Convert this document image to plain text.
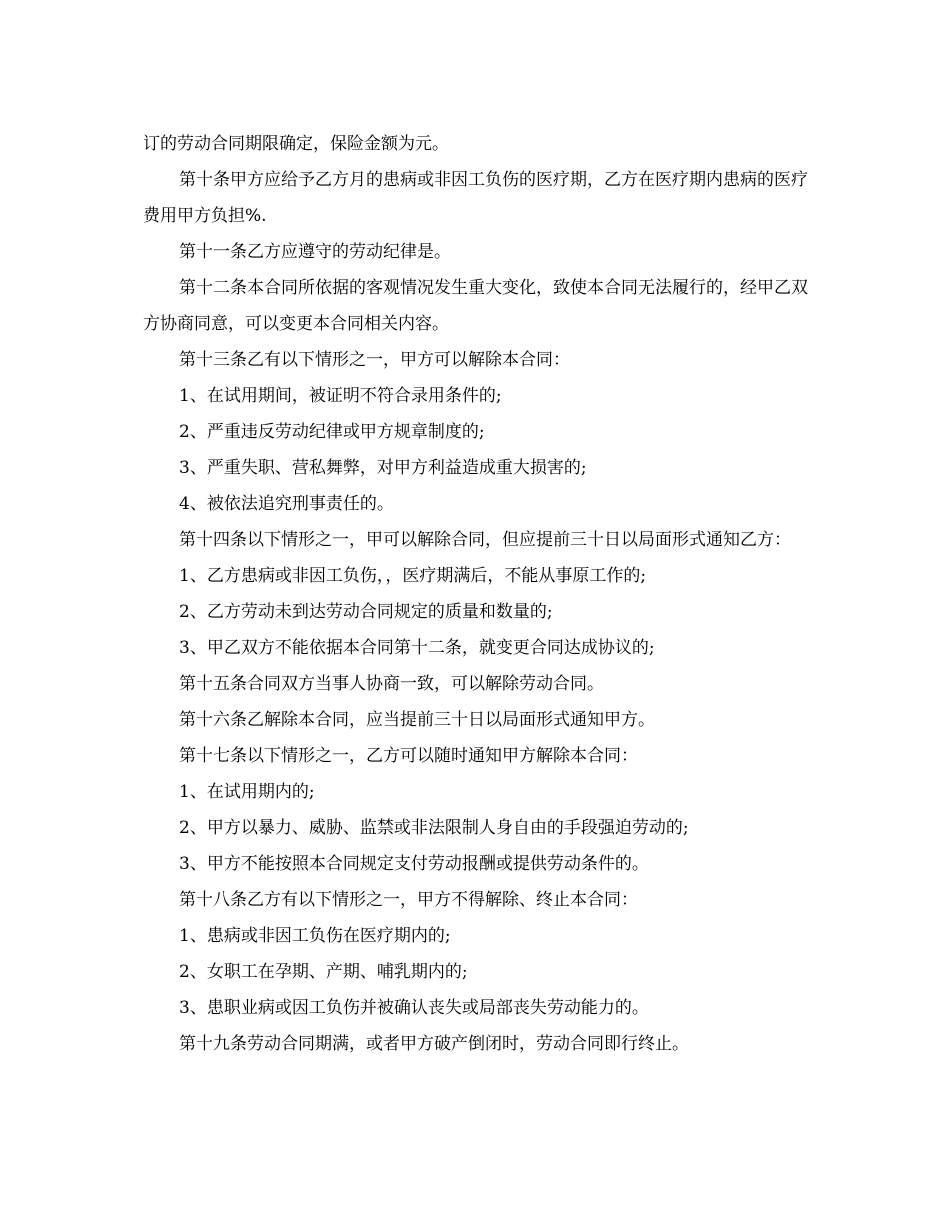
订的劳动合同期限确定，保险金额为元。

第十条甲方应给予乙方月的患病或非因工负伤的医疗期，乙方在医疗期内患病的医疗费用甲方负担%.

第十一条乙方应遵守的劳动纪律是。

第十二条本合同所依据的客观情况发生重大变化，致使本合同无法履行的，经甲乙双方协商同意，可以变更本合同相关内容。

第十三条乙有以下情形之一，甲方可以解除本合同：

1、在试用期间，被证明不符合录用条件的;

2、严重违反劳动纪律或甲方规章制度的;

3、严重失职、营私舞弊，对甲方利益造成重大损害的;

4、被依法追究刑事责任的。

第十四条以下情形之一，甲可以解除合同，但应提前三十日以局面形式通知乙方：

1、乙方患病或非因工负伤，，医疗期满后，不能从事原工作的;

2、乙方劳动未到达劳动合同规定的质量和数量的;

3、甲乙双方不能依据本合同第十二条，就变更合同达成协议的;

第十五条合同双方当事人协商一致，可以解除劳动合同。

第十六条乙解除本合同，应当提前三十日以局面形式通知甲方。

第十七条以下情形之一，乙方可以随时通知甲方解除本合同：

1、在试用期内的;

2、甲方以暴力、威胁、监禁或非法限制人身自由的手段强迫劳动的;

3、甲方不能按照本合同规定支付劳动报酬或提供劳动条件的。

第十八条乙方有以下情形之一，甲方不得解除、终止本合同：

1、患病或非因工负伤在医疗期内的;

2、女职工在孕期、产期、哺乳期内的;

3、患职业病或因工负伤并被确认丧失或局部丧失劳动能力的。

第十九条劳动合同期满，或者甲方破产倒闭时，劳动合同即行终止。
